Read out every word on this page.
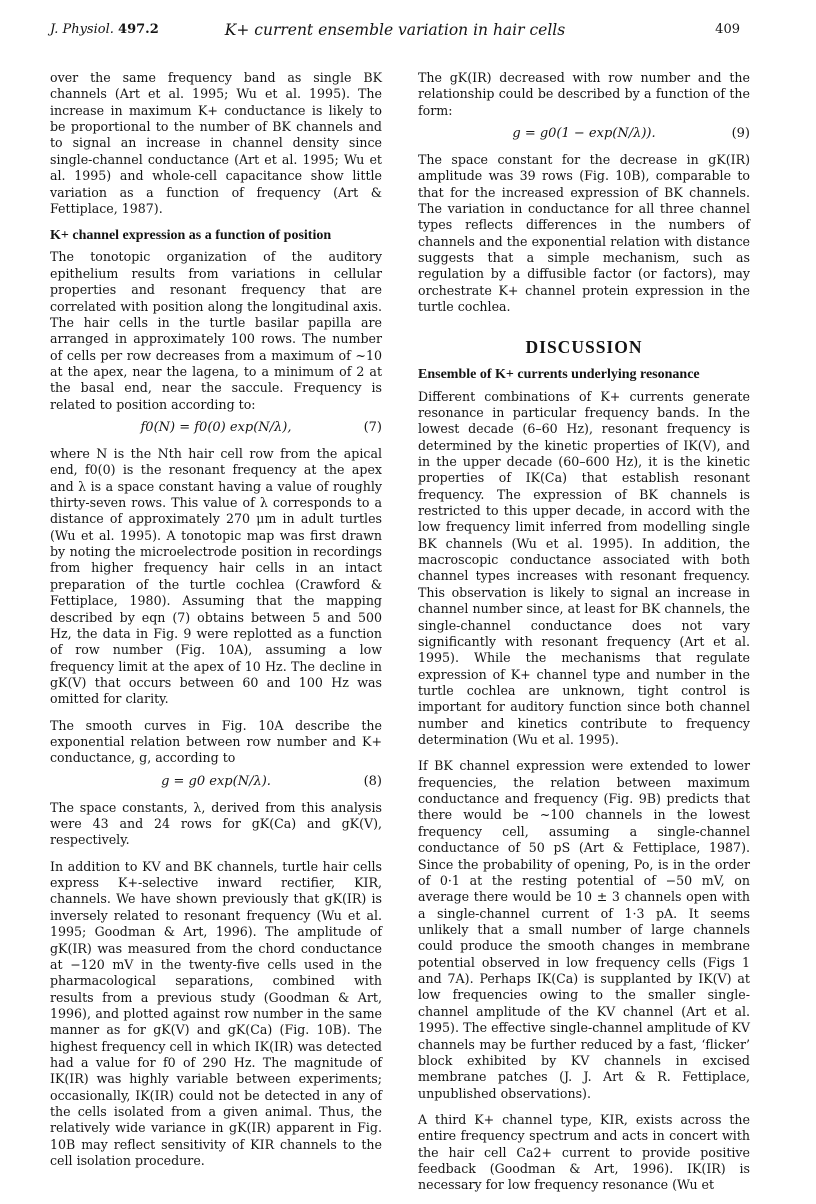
J. Physiol. 497.2	K+ current ensemble variation in hair cells	409

over the same frequency band as single BK channels (Art et al. 1995; Wu et al. 1995). The increase in maximum K+ conductance is likely to be proportional to the number of BK channels and to signal an increase in channel density since single-channel conductance (Art et al. 1995; Wu et al. 1995) and whole-cell capacitance show little variation as a function of frequency (Art & Fettiplace, 1987).

K+ channel expression as a function of position

The tonotopic organization of the auditory epithelium results from variations in cellular properties and resonant frequency that are correlated with position along the longitudinal axis. The hair cells in the turtle basilar papilla are arranged in approximately 100 rows. The number of cells per row decreases from a maximum of ~10 at the apex, near the lagena, to a minimum of 2 at the basal end, near the saccule. Frequency is related to position according to:

f0(N) = f0(0) exp(N/λ),	(7)

where N is the Nth hair cell row from the apical end, f0(0) is the resonant frequency at the apex and λ is a space constant having a value of roughly thirty-seven rows. This value of λ corresponds to a distance of approximately 270 μm in adult turtles (Wu et al. 1995). A tonotopic map was first drawn by noting the microelectrode position in recordings from higher frequency hair cells in an intact preparation of the turtle cochlea (Crawford & Fettiplace, 1980). Assuming that the mapping described by eqn (7) obtains between 5 and 500 Hz, the data in Fig. 9 were replotted as a function of row number (Fig. 10A), assuming a low frequency limit at the apex of 10 Hz. The decline in gK(V) that occurs between 60 and 100 Hz was omitted for clarity.

The smooth curves in Fig. 10A describe the exponential relation between row number and K+ conductance, g, according to

g = g0 exp(N/λ).	(8)

The space constants, λ, derived from this analysis were 43 and 24 rows for gK(Ca) and gK(V), respectively.

In addition to KV and BK channels, turtle hair cells express K+-selective inward rectifier, KIR, channels. We have shown previously that gK(IR) is inversely related to resonant frequency (Wu et al. 1995; Goodman & Art, 1996). The amplitude of gK(IR) was measured from the chord conductance at −120 mV in the twenty-five cells used in the pharmacological separations, combined with results from a previous study (Goodman & Art, 1996), and plotted against row number in the same manner as for gK(V) and gK(Ca) (Fig. 10B). The highest frequency cell in which IK(IR) was detected had a value for f0 of 290 Hz. The magnitude of IK(IR) was highly variable between experiments; occasionally, IK(IR) could not be detected in any of the cells isolated from a given animal. Thus, the relatively wide variance in gK(IR) apparent in Fig. 10B may reflect sensitivity of KIR channels to the cell isolation procedure.

The gK(IR) decreased with row number and the relationship could be described by a function of the form:

g = g0(1 − exp(N/λ)).	(9)

The space constant for the decrease in gK(IR) amplitude was 39 rows (Fig. 10B), comparable to that for the increased expression of BK channels. The variation in conductance for all three channel types reflects differences in the numbers of channels and the exponential relation with distance suggests that a simple mechanism, such as regulation by a diffusible factor (or factors), may orchestrate K+ channel protein expression in the turtle cochlea.

DISCUSSION
Ensemble of K+ currents underlying resonance

Different combinations of K+ currents generate resonance in particular frequency bands. In the lowest decade (6–60 Hz), resonant frequency is determined by the kinetic properties of IK(V), and in the upper decade (60–600 Hz), it is the kinetic properties of IK(Ca) that establish resonant frequency. The expression of BK channels is restricted to this upper decade, in accord with the low frequency limit inferred from modelling single BK channels (Wu et al. 1995). In addition, the macroscopic conductance associated with both channel types increases with resonant frequency. This observation is likely to signal an increase in channel number since, at least for BK channels, the single-channel conductance does not vary significantly with resonant frequency (Art et al. 1995). While the mechanisms that regulate expression of K+ channel type and number in the turtle cochlea are unknown, tight control is important for auditory function since both channel number and kinetics contribute to frequency determination (Wu et al. 1995).

If BK channel expression were extended to lower frequencies, the relation between maximum conductance and frequency (Fig. 9B) predicts that there would be ~100 channels in the lowest frequency cell, assuming a single-channel conductance of 50 pS (Art & Fettiplace, 1987). Since the probability of opening, Po, is in the order of 0·1 at the resting potential of −50 mV, on average there would be 10 ± 3 channels open with a single-channel current of 1·3 pA. It seems unlikely that a small number of large channels could produce the smooth changes in membrane potential observed in low frequency cells (Figs 1 and 7A). Perhaps IK(Ca) is supplanted by IK(V) at low frequencies owing to the smaller single-channel amplitude of the KV channel (Art et al. 1995). The effective single-channel amplitude of KV channels may be further reduced by a fast, ‘flicker’ block exhibited by KV channels in excised membrane patches (J. J. Art & R. Fettiplace, unpublished observations).

A third K+ channel type, KIR, exists across the entire frequency spectrum and acts in concert with the hair cell Ca2+ current to provide positive feedback (Goodman & Art, 1996). IK(IR) is necessary for low frequency resonance (Wu et
